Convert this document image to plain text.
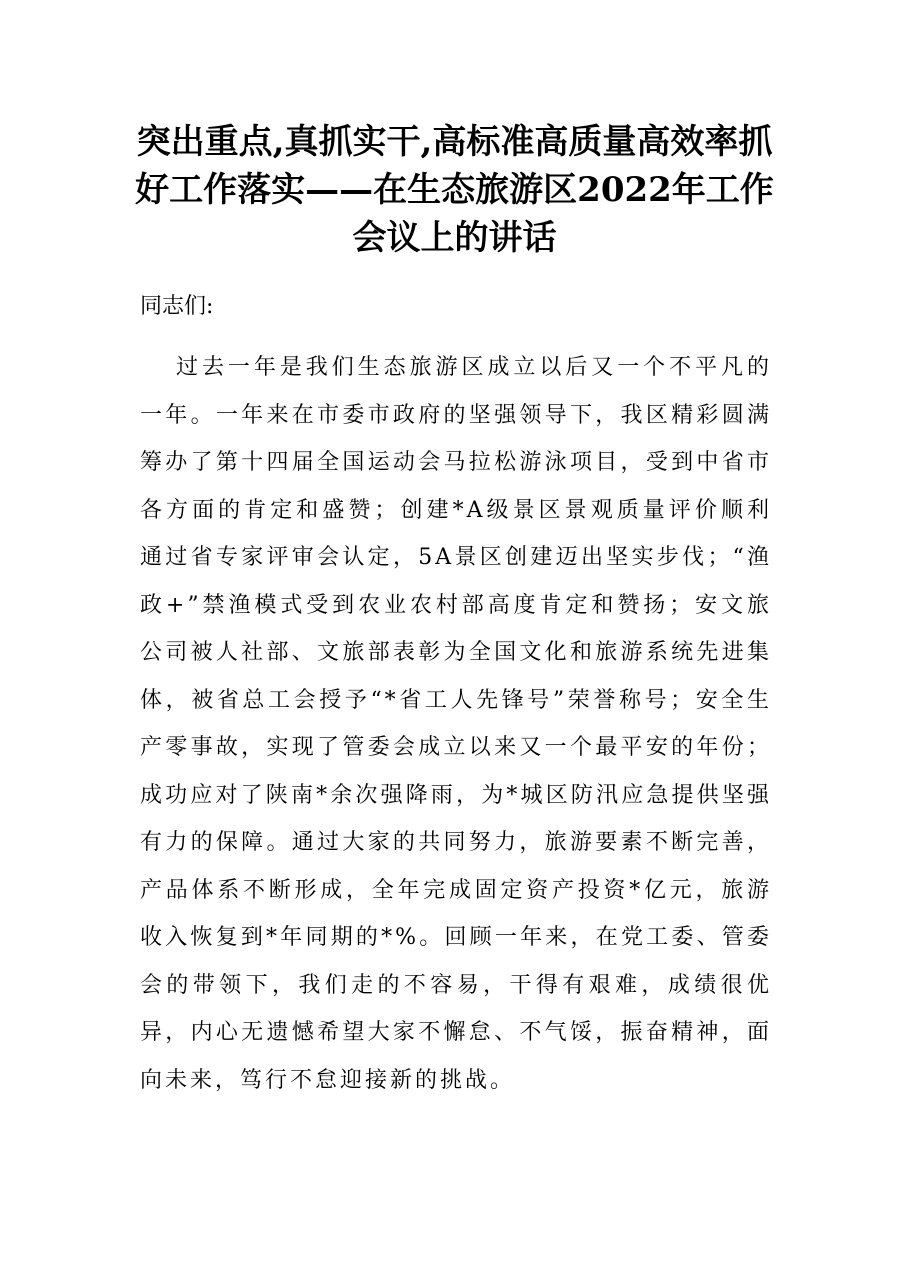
突出重点,真抓实干,高标准高质量高效率抓好工作落实——在生态旅游区2022年工作会议上的讲话

同志们:

过去一年是我们生态旅游区成立以后又一个不平凡的一年。一年来在市委市政府的坚强领导下，我区精彩圆满筹办了第十四届全国运动会马拉松游泳项目，受到中省市各方面的肯定和盛赞；创建*A级景区景观质量评价顺利通过省专家评审会认定，5A景区创建迈出坚实步伐；“渔政+”禁渔模式受到农业农村部高度肯定和赞扬；安文旅公司被人社部、文旅部表彰为全国文化和旅游系统先进集体，被省总工会授予“*省工人先锋号”荣誉称号；安全生产零事故，实现了管委会成立以来又一个最平安的年份；成功应对了陕南*余次强降雨，为*城区防汛应急提供坚强有力的保障。通过大家的共同努力，旅游要素不断完善，产品体系不断形成，全年完成固定资产投资*亿元，旅游收入恢复到*年同期的*%。回顾一年来，在党工委、管委会的带领下，我们走的不容易，干得有艰难，成绩很优异，内心无遗憾希望大家不懈怠、不气馁，振奋精神，面向未来，笃行不怠迎接新的挑战。
